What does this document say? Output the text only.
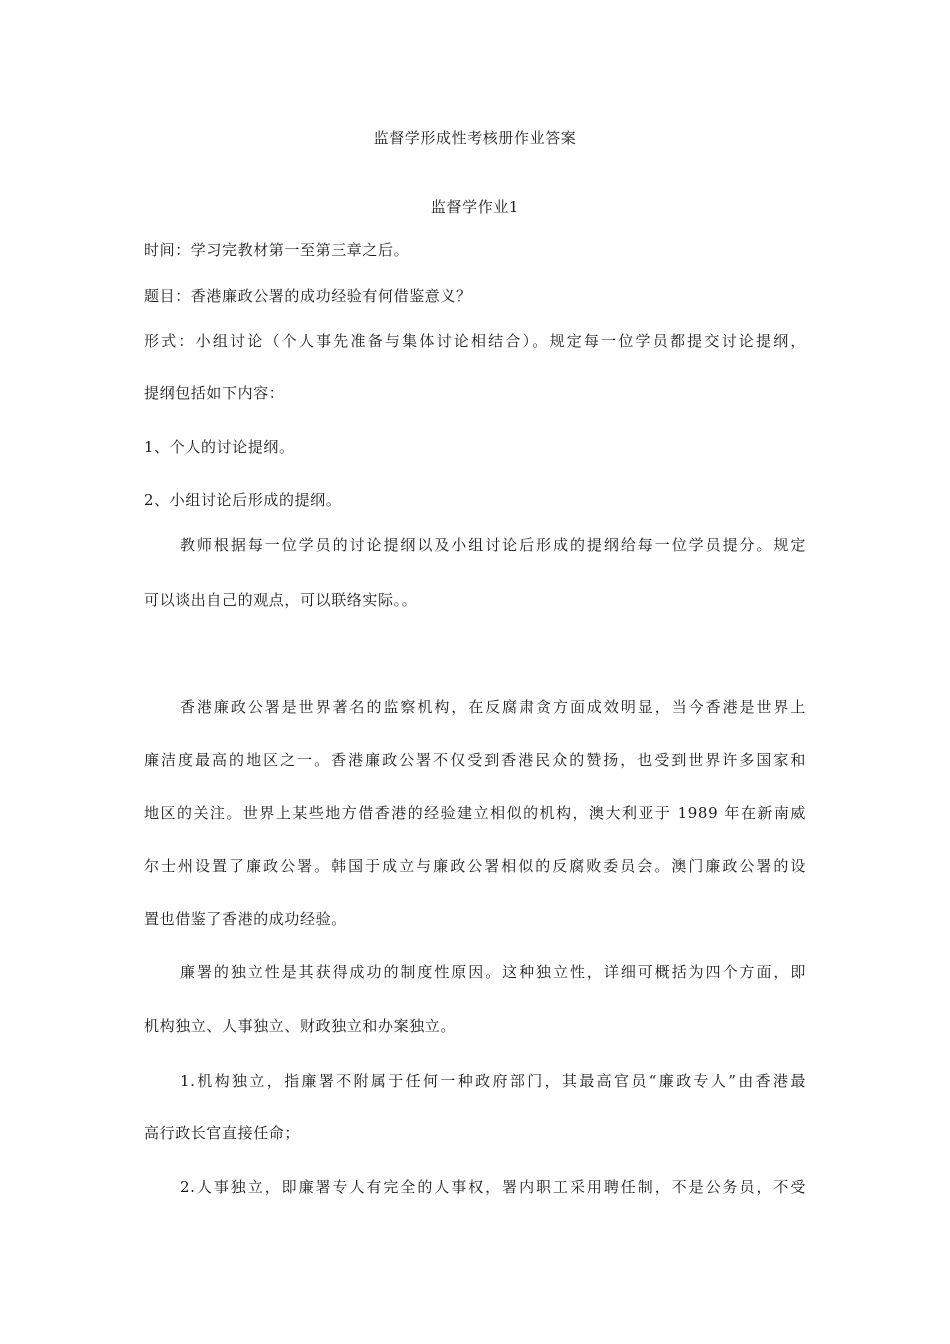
监督学形成性考核册作业答案
监督学作业1
时间：学习完教材第一至第三章之后。
题目：香港廉政公署的成功经验有何借鉴意义？
形式：小组讨论（个人事先准备与集体讨论相结合）。规定每一位学员都提交讨论提纲，
提纲包括如下内容：
1、个人的讨论提纲。
2、小组讨论后形成的提纲。
教师根据每一位学员的讨论提纲以及小组讨论后形成的提纲给每一位学员提分。规定
可以谈出自己的观点，可以联络实际。。
香港廉政公署是世界著名的监察机构，在反腐肃贪方面成效明显，当今香港是世界上
廉洁度最高的地区之一。香港廉政公署不仅受到香港民众的赞扬，也受到世界许多国家和
地区的关注。世界上某些地方借香港的经验建立相似的机构，澳大利亚于 1989 年在新南威
尔士州设置了廉政公署。韩国于成立与廉政公署相似的反腐败委员会。澳门廉政公署的设
置也借鉴了香港的成功经验。
廉署的独立性是其获得成功的制度性原因。这种独立性，详细可概括为四个方面，即
机构独立、人事独立、财政独立和办案独立。
1.机构独立，指廉署不附属于任何一种政府部门，其最高官员“廉政专人”由香港最
高行政长官直接任命；
2.人事独立，即廉署专人有完全的人事权，署内职工采用聘任制，不是公务员，不受
